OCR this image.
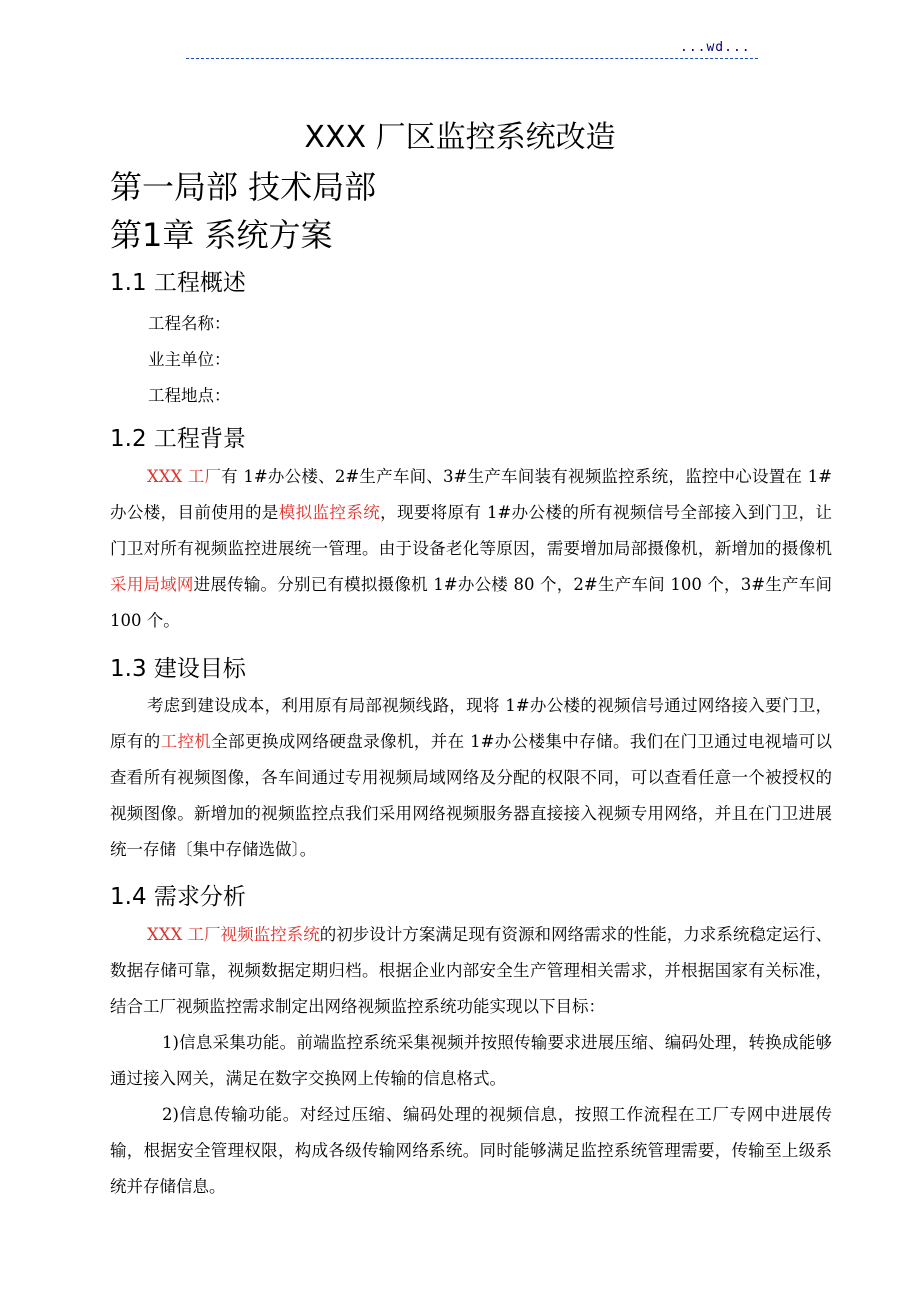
...wd...
XXX 厂区监控系统改造
第一局部 技术局部
第1章 系统方案
1.1 工程概述
工程名称：
业主单位：
工程地点：
1.2 工程背景
XXX 工厂有 1#办公楼、2#生产车间、3#生产车间装有视频监控系统，监控中心设置在 1#办公楼，目前使用的是模拟监控系统，现要将原有 1#办公楼的所有视频信号全部接入到门卫，让门卫对所有视频监控进展统一管理。由于设备老化等原因，需要增加局部摄像机，新增加的摄像机采用局域网进展传输。分别已有模拟摄像机 1#办公楼 80 个，2#生产车间 100 个，3#生产车间 100 个。
1.3 建设目标
考虑到建设成本，利用原有局部视频线路，现将 1#办公楼的视频信号通过网络接入要门卫，原有的工控机全部更换成网络硬盘录像机，并在 1#办公楼集中存储。我们在门卫通过电视墙可以查看所有视频图像，各车间通过专用视频局域网络及分配的权限不同，可以查看任意一个被授权的视频图像。新增加的视频监控点我们采用网络视频服务器直接接入视频专用网络，并且在门卫进展统一存储〔集中存储选做〕。
1.4 需求分析
XXX 工厂视频监控系统的初步设计方案满足现有资源和网络需求的性能，力求系统稳定运行、数据存储可靠，视频数据定期归档。根据企业内部安全生产管理相关需求，并根据国家有关标准，结合工厂视频监控需求制定出网络视频监控系统功能实现以下目标：
1)信息采集功能。前端监控系统采集视频并按照传输要求进展压缩、编码处理，转换成能够通过接入网关，满足在数字交换网上传输的信息格式。
2)信息传输功能。对经过压缩、编码处理的视频信息，按照工作流程在工厂专网中进展传输，根据安全管理权限，构成各级传输网络系统。同时能够满足监控系统管理需要，传输至上级系统并存储信息。
